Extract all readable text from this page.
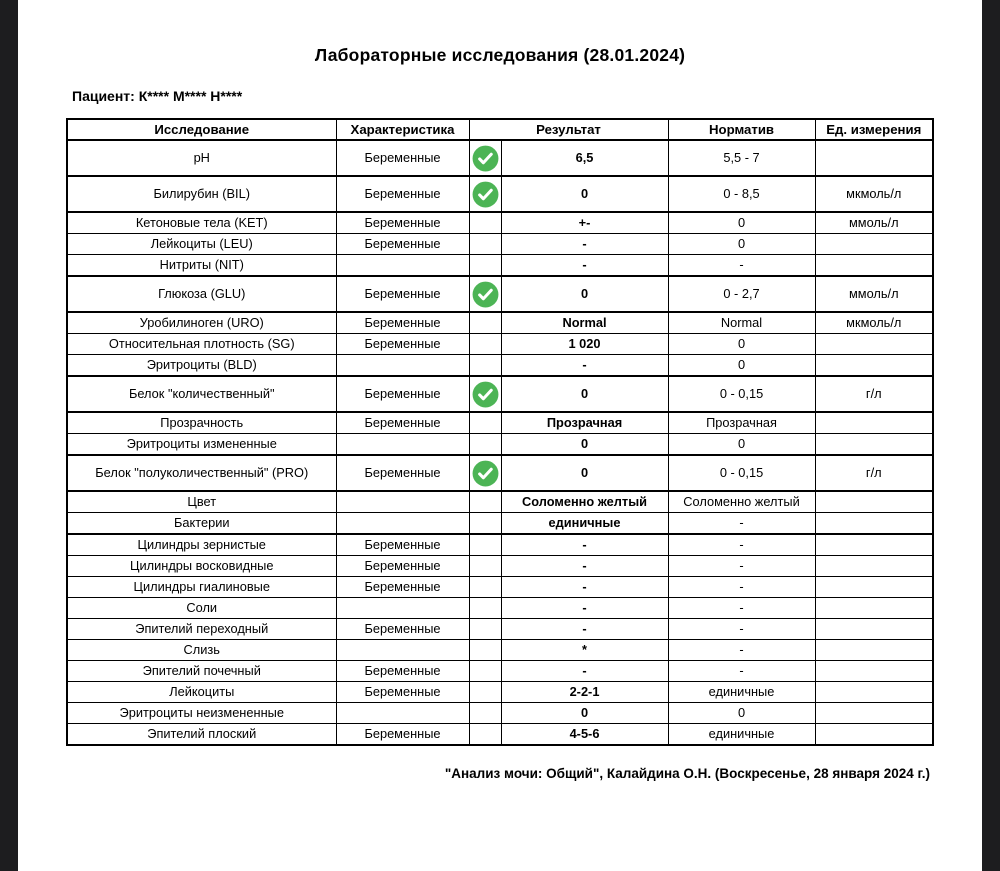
Лабораторные исследования (28.01.2024)
Пациент: К**** М**** Н****
Исследование	Характеристика	Результат		Норматив	Ед. измерения
pH	Беременные		6,5	5,5 - 7	
Билирубин (BIL)	Беременные		0	0 - 8,5	мкмоль/л
Кетоновые тела (KET)	Беременные		+-	0	ммоль/л
Лейкоциты (LEU)	Беременные		-	0	
Нитриты (NIT)			-	-	
Глюкоза (GLU)	Беременные		0	0 - 2,7	ммоль/л
Уробилиноген (URO)	Беременные		Normal	Normal	мкмоль/л
Относительная плотность (SG)	Беременные		1 020	0	
Эритроциты (BLD)			-	0	
Белок "количественный"	Беременные		0	0 - 0,15	г/л
Прозрачность	Беременные		Прозрачная	Прозрачная	
Эритроциты измененные			0	0	
Белок "полуколичественный" (PRO)	Беременные		0	0 - 0,15	г/л
Цвет			Соломенно желтый	Соломенно желтый	
Бактерии			единичные	-	
Цилиндры зернистые	Беременные		-	-	
Цилиндры восковидные	Беременные		-	-	
Цилиндры гиалиновые	Беременные		-	-	
Соли			-	-	
Эпителий переходный	Беременные		-	-	
Слизь			*	-	
Эпителий почечный	Беременные		-	-	
Лейкоциты	Беременные		2-2-1	единичные	
Эритроциты неизмененные			0	0	
Эпителий плоский	Беременные		4-5-6	единичные	
"Анализ мочи: Общий", Калайдина О.Н. (Воскресенье, 28 января 2024 г.)
